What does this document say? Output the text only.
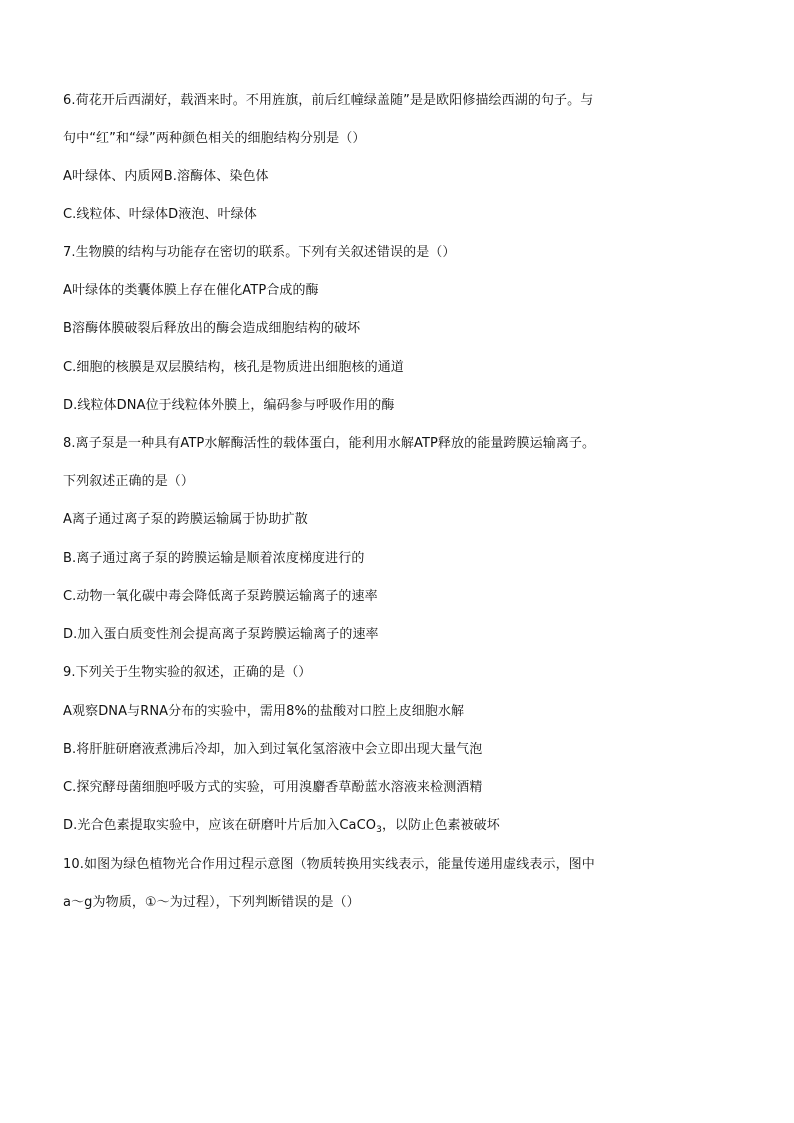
6.荷花开后西湖好，载酒来时。不用旌旗，前后红幢绿盖随”是是欧阳修描绘西湖的句子。与
句中“红”和“绿”两种颜色相关的细胞结构分别是（）
A叶绿体、内质网B.溶酶体、染色体
C.线粒体、叶绿体D液泡、叶绿体
7.生物膜的结构与功能存在密切的联系。下列有关叙述错误的是（）
A叶绿体的类囊体膜上存在催化ATP合成的酶
B溶酶体膜破裂后释放出的酶会造成细胞结构的破坏
C.细胞的核膜是双层膜结构，核孔是物质进出细胞核的通道
D.线粒体DNA位于线粒体外膜上，编码参与呼吸作用的酶
8.离子泵是一种具有ATP水解酶活性的载体蛋白，能利用水解ATP释放的能量跨膜运输离子。
下列叙述正确的是（）
A离子通过离子泵的跨膜运输属于协助扩散
B.离子通过离子泵的跨膜运输是顺着浓度梯度进行的
C.动物一氧化碳中毒会降低离子泵跨膜运输离子的速率
D.加入蛋白质变性剂会提高离子泵跨膜运输离子的速率
9.下列关于生物实验的叙述，正确的是（）
A观察DNA与RNA分布的实验中，需用8%的盐酸对口腔上皮细胞水解
B.将肝脏研磨液煮沸后冷却，加入到过氧化氢溶液中会立即出现大量气泡
C.探究酵母菌细胞呼吸方式的实验，可用溴麝香草酚蓝水溶液来检测酒精
D.光合色素提取实验中，应该在研磨叶片后加入CaCO$_3$，以防止色素被破坏
10.如图为绿色植物光合作用过程示意图（物质转换用实线表示，能量传递用虚线表示，图中
a～g为物质，①～为过程），下列判断错误的是（）
